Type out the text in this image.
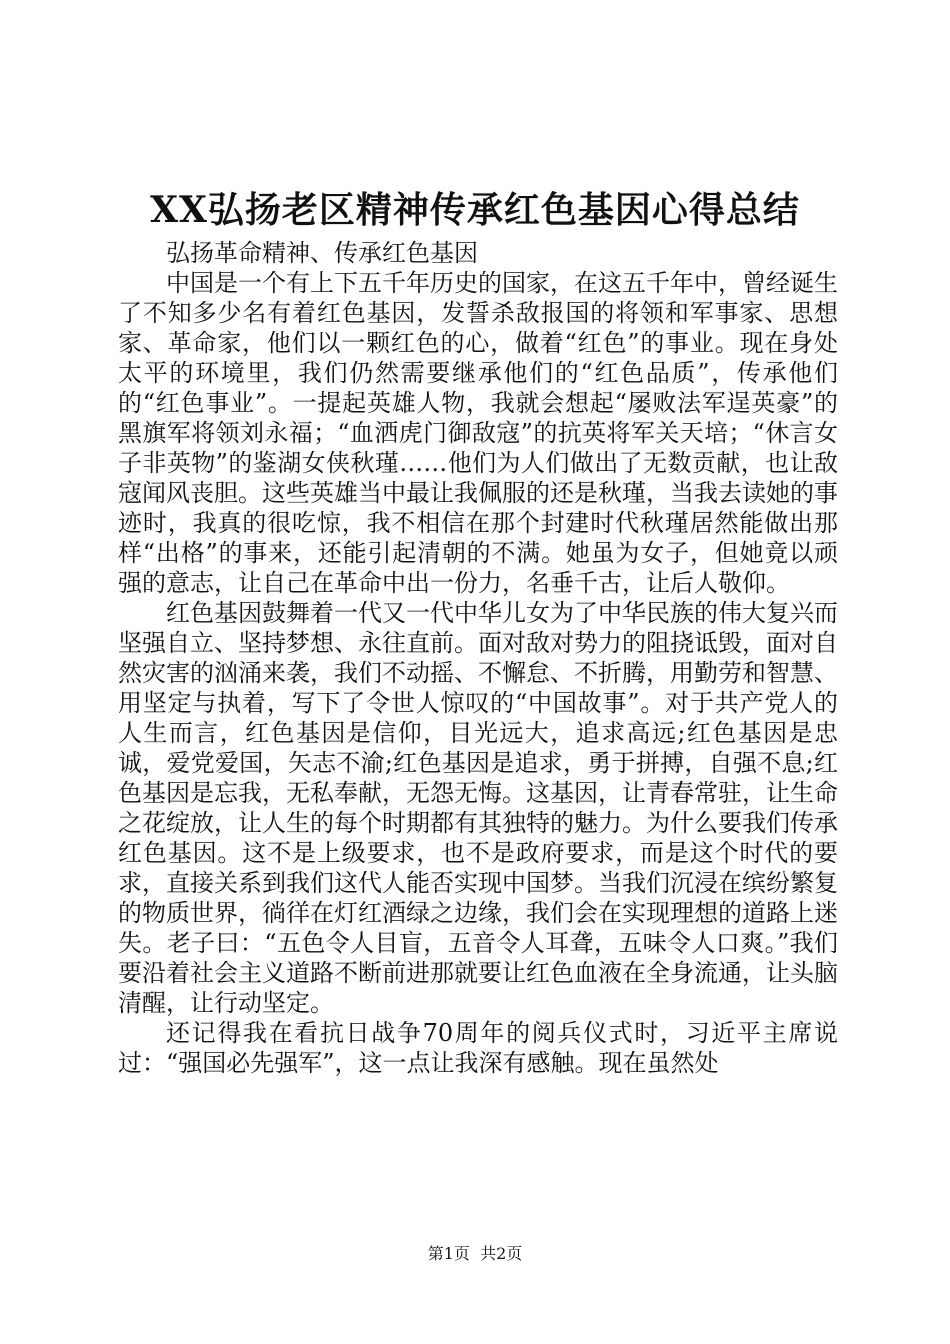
XX弘扬老区精神传承红色基因心得总结

弘扬革命精神、传承红色基因

中国是一个有上下五千年历史的国家，在这五千年中，曾经诞生了不知多少名有着红色基因，发誓杀敌报国的将领和军事家、思想家、革命家，他们以一颗红色的心，做着“红色”的事业。现在身处太平的环境里，我们仍然需要继承他们的“红色品质”，传承他们的“红色事业”。一提起英雄人物，我就会想起“屡败法军逞英豪”的黑旗军将领刘永福；“血洒虎门御敌寇”的抗英将军关天培；“休言女子非英物”的鉴湖女侠秋瑾……他们为人们做出了无数贡献，也让敌寇闻风丧胆。这些英雄当中最让我佩服的还是秋瑾，当我去读她的事迹时，我真的很吃惊，我不相信在那个封建时代秋瑾居然能做出那样“出格”的事来，还能引起清朝的不满。她虽为女子，但她竟以顽强的意志，让自己在革命中出一份力，名垂千古，让后人敬仰。

红色基因鼓舞着一代又一代中华儿女为了中华民族的伟大复兴而坚强自立、坚持梦想、永往直前。面对敌对势力的阻挠诋毁，面对自然灾害的汹涌来袭，我们不动摇、不懈怠、不折腾，用勤劳和智慧、用坚定与执着，写下了令世人惊叹的“中国故事”。对于共产党人的人生而言，红色基因是信仰，目光远大，追求高远;红色基因是忠诚，爱党爱国，矢志不渝;红色基因是追求，勇于拼搏，自强不息;红色基因是忘我，无私奉献，无怨无悔。这基因，让青春常驻，让生命之花绽放，让人生的每个时期都有其独特的魅力。为什么要我们传承红色基因。这不是上级要求，也不是政府要求，而是这个时代的要求，直接关系到我们这代人能否实现中国梦。当我们沉浸在缤纷繁复的物质世界，徜徉在灯红酒绿之边缘，我们会在实现理想的道路上迷失。老子曰：“五色令人目盲，五音令人耳聋，五味令人口爽。”我们要沿着社会主义道路不断前进那就要让红色血液在全身流通，让头脑清醒，让行动坚定。

还记得我在看抗日战争70周年的阅兵仪式时，习近平主席说过：“强国必先强军”，这一点让我深有感触。现在虽然处

第1页 共2页
